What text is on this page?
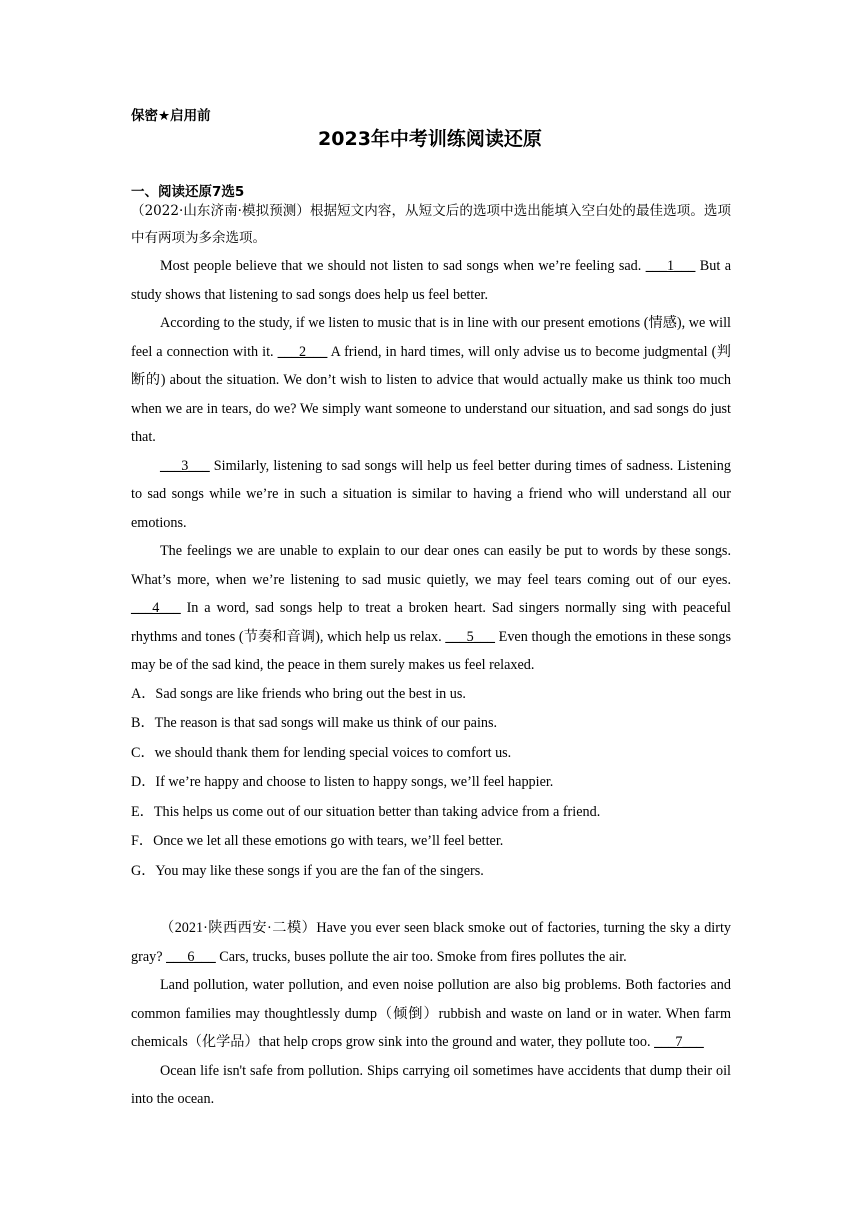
保密★启用前
2023年中考训练阅读还原
一、阅读还原7选5

（2022·山东济南·模拟预测）根据短文内容，从短文后的选项中选出能填入空白处的最佳选项。选项中有两项为多余选项。

Most people believe that we should not listen to sad songs when we’re feeling sad. ___1___ But a study shows that listening to sad songs does help us feel better.

According to the study, if we listen to music that is in line with our present emotions (情感), we will feel a connection with it. ___2___ A friend, in hard times, will only advise us to become judgmental (判断的) about the situation. We don’t wish to listen to advice that would actually make us think too much when we are in tears, do we? We simply want someone to understand our situation, and sad songs do just that.

___3___ Similarly, listening to sad songs will help us feel better during times of sadness. Listening to sad songs while we’re in such a situation is similar to having a friend who will understand all our emotions.

The feelings we are unable to explain to our dear ones can easily be put to words by these songs. What’s more, when we’re listening to sad music quietly, we may feel tears coming out of our eyes. ___4___ In a word, sad songs help to treat a broken heart. Sad singers normally sing with peaceful rhythms and tones (节奏和音调), which help us relax. ___5___ Even though the emotions in these songs may be of the sad kind, the peace in them surely makes us feel relaxed.

A．Sad songs are like friends who bring out the best in us.

B．The reason is that sad songs will make us think of our pains.

C．we should thank them for lending special voices to comfort us.

D．If we’re happy and choose to listen to happy songs, we’ll feel happier.

E．This helps us come out of our situation better than taking advice from a friend.

F．Once we let all these emotions go with tears, we’ll feel better.

G．You may like these songs if you are the fan of the singers.

（2021·陕西西安·二模）Have you ever seen black smoke out of factories, turning the sky a dirty gray? ___6___ Cars, trucks, buses pollute the air too. Smoke from fires pollutes the air.

Land pollution, water pollution, and even noise pollution are also big problems. Both factories and common families may thoughtlessly dump（倾倒）rubbish and waste on land or in water. When farm chemicals（化学品）that help crops grow sink into the ground and water, they pollute too. ___7___

Ocean life isn't safe from pollution. Ships carrying oil sometimes have accidents that dump their oil into the ocean.
